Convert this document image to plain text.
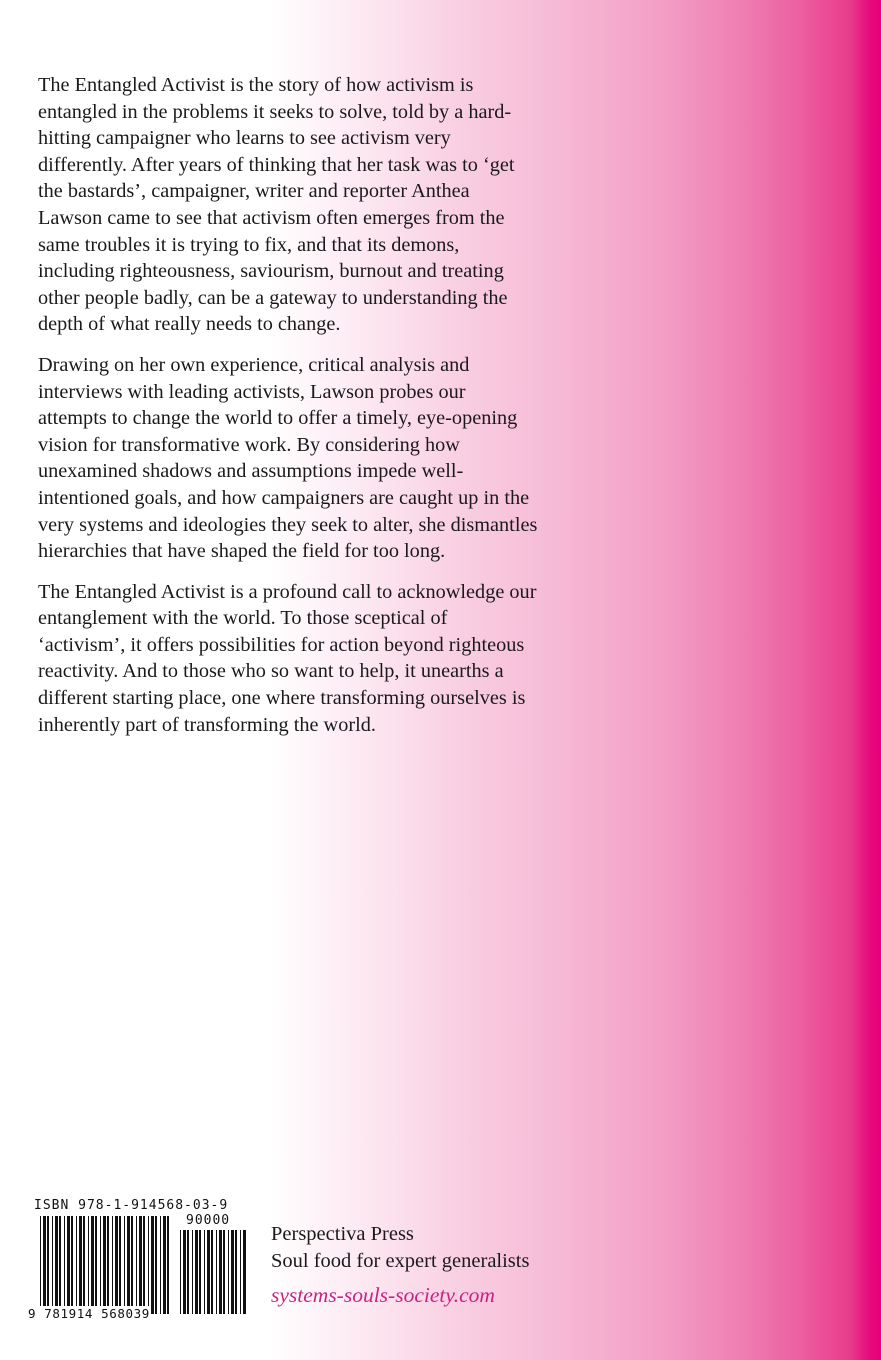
The Entangled Activist is the story of how activism is entangled in the problems it seeks to solve, told by a hard-hitting campaigner who learns to see activism very differently. After years of thinking that her task was to ‘get the bastards’, campaigner, writer and reporter Anthea Lawson came to see that activism often emerges from the same troubles it is trying to fix, and that its demons, including righteousness, saviourism, burnout and treating other people badly, can be a gateway to understanding the depth of what really needs to change.

Drawing on her own experience, critical analysis and interviews with leading activists, Lawson probes our attempts to change the world to offer a timely, eye-opening vision for transformative work. By considering how unexamined shadows and assumptions impede well-intentioned goals, and how campaigners are caught up in the very systems and ideologies they seek to alter, she dismantles hierarchies that have shaped the field for too long.

The Entangled Activist is a profound call to acknowledge our entanglement with the world. To those sceptical of ‘activism’, it offers possibilities for action beyond righteous reactivity. And to those who so want to help, it unearths a different starting place, one where transforming ourselves is inherently part of transforming the world.

ISBN 978-1-914568-03-9
90000
9 781914 568039
Perspectiva Press
Soul food for expert generalists
systems-souls-society.com
